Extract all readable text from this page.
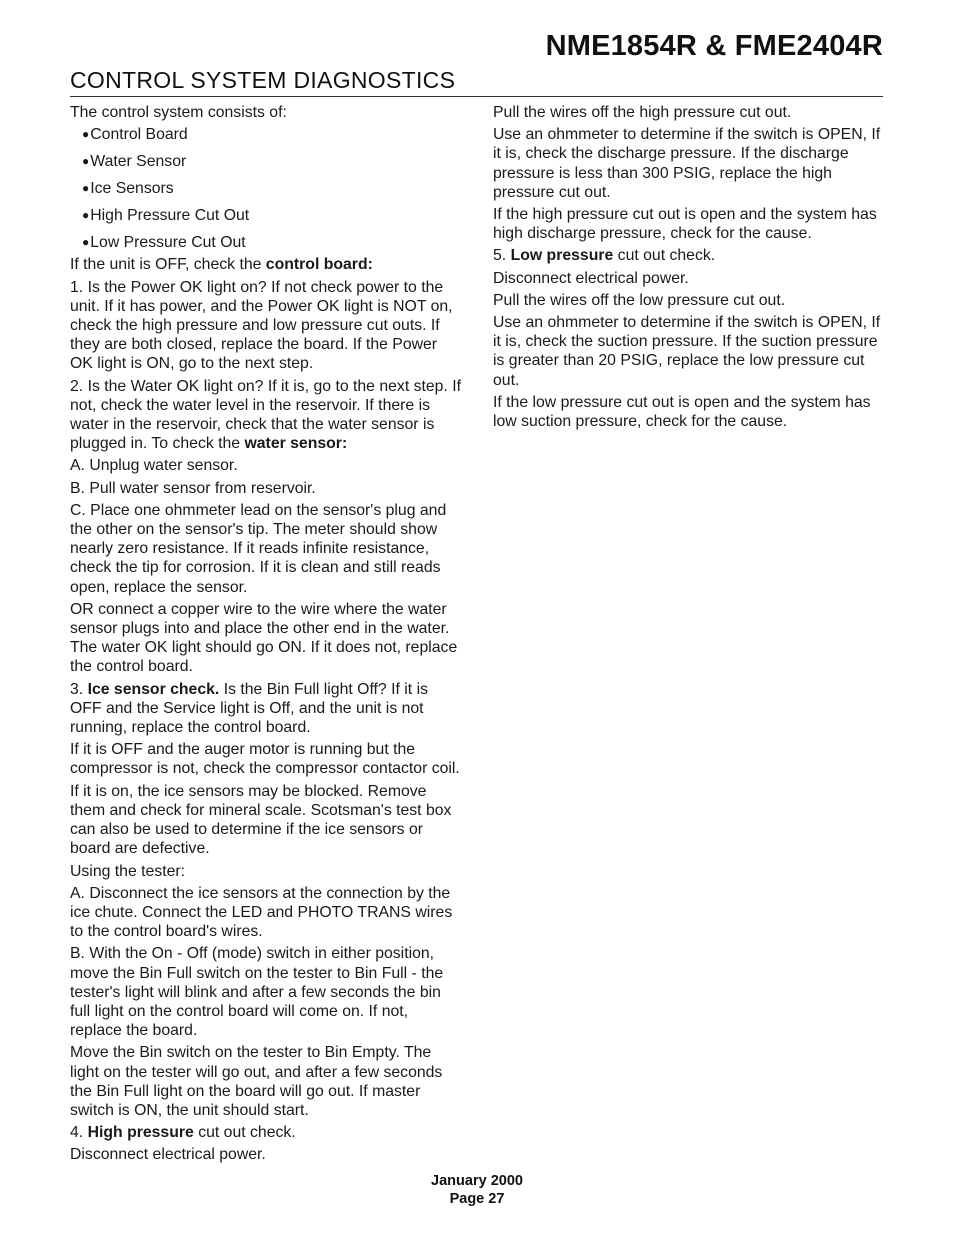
NME1854R & FME2404R
CONTROL SYSTEM DIAGNOSTICS

The control system consists of:

●Control Board
●Water Sensor
●Ice Sensors
●High Pressure Cut Out
●Low Pressure Cut Out

If the unit is OFF, check the control board:

1. Is the Power OK light on? If not check power to the unit. If it has power, and the Power OK light is NOT on, check the high pressure and low pressure cut outs. If they are both closed, replace the board. If the Power OK light is ON, go to the next step.

2. Is the Water OK light on? If it is, go to the next step. If not, check the water level in the reservoir. If there is water in the reservoir, check that the water sensor is plugged in. To check the water sensor:

A. Unplug water sensor.

B. Pull water sensor from reservoir.

C. Place one ohmmeter lead on the sensor's plug and the other on the sensor's tip. The meter should show nearly zero resistance. If it reads infinite resistance, check the tip for corrosion. If it is clean and still reads open, replace the sensor.

OR connect a copper wire to the wire where the water sensor plugs into and place the other end in the water. The water OK light should go ON. If it does not, replace the control board.

3. Ice sensor check. Is the Bin Full light Off? If it is OFF and the Service light is Off, and the unit is not running, replace the control board.

If it is OFF and the auger motor is running but the compressor is not, check the compressor contactor coil.

If it is on, the ice sensors may be blocked. Remove them and check for mineral scale. Scotsman's test box can also be used to determine if the ice sensors or board are defective.

Using the tester:

A. Disconnect the ice sensors at the connection by the ice chute. Connect the LED and PHOTO TRANS wires to the control board's wires.

B. With the On - Off (mode) switch in either position, move the Bin Full switch on the tester to Bin Full - the tester's light will blink and after a few seconds the bin full light on the control board will come on. If not, replace the board.

Move the Bin switch on the tester to Bin Empty. The light on the tester will go out, and after a few seconds the Bin Full light on the board will go out. If master switch is ON, the unit should start.

4. High pressure cut out check.

Disconnect electrical power.

Pull the wires off the high pressure cut out.

Use an ohmmeter to determine if the switch is OPEN, If it is, check the discharge pressure. If the discharge pressure is less than 300 PSIG, replace the high pressure cut out.

If the high pressure cut out is open and the system has high discharge pressure, check for the cause.

5. Low pressure cut out check.

Disconnect electrical power.

Pull the wires off the low pressure cut out.

Use an ohmmeter to determine if the switch is OPEN, If it is, check the suction pressure. If the suction pressure is greater than 20 PSIG, replace the low pressure cut out.

If the low pressure cut out is open and the system has low suction pressure, check for the cause.

January 2000
Page 27
